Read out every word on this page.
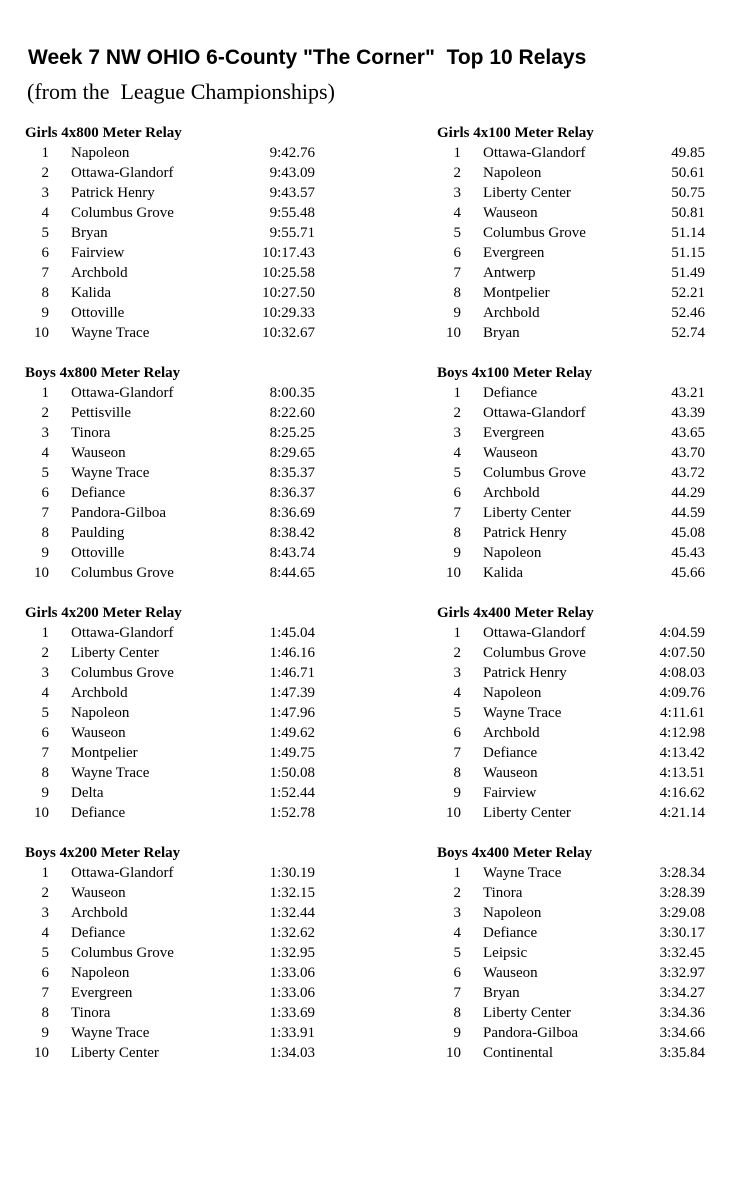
Week 7 NW OHIO 6-County "The Corner"  Top 10 Relays
(from the  League Championships)
Girls 4x800 Meter Relay
1 Napoleon	9:42.76
2 Ottawa-Glandorf	9:43.09
3 Patrick Henry	9:43.57
4 Columbus Grove	9:55.48
5 Bryan	9:55.71
6 Fairview	10:17.43
7 Archbold	10:25.58
8 Kalida	10:27.50
9 Ottoville	10:29.33
10 Wayne Trace	10:32.67
Girls 4x100 Meter Relay
1 Ottawa-Glandorf	49.85
2 Napoleon	50.61
3 Liberty Center	50.75
4 Wauseon	50.81
5 Columbus Grove	51.14
6 Evergreen	51.15
7 Antwerp	51.49
8 Montpelier	52.21
9 Archbold	52.46
10 Bryan	52.74
Boys 4x800 Meter Relay
1 Ottawa-Glandorf	8:00.35
2 Pettisville	8:22.60
3 Tinora	8:25.25
4 Wauseon	8:29.65
5 Wayne Trace	8:35.37
6 Defiance	8:36.37
7 Pandora-Gilboa	8:36.69
8 Paulding	8:38.42
9 Ottoville	8:43.74
10 Columbus Grove	8:44.65
Boys 4x100 Meter Relay
1 Defiance	43.21
2 Ottawa-Glandorf	43.39
3 Evergreen	43.65
4 Wauseon	43.70
5 Columbus Grove	43.72
6 Archbold	44.29
7 Liberty Center	44.59
8 Patrick Henry	45.08
9 Napoleon	45.43
10 Kalida	45.66
Girls 4x200 Meter Relay
1 Ottawa-Glandorf	1:45.04
2 Liberty Center	1:46.16
3 Columbus Grove	1:46.71
4 Archbold	1:47.39
5 Napoleon	1:47.96
6 Wauseon	1:49.62
7 Montpelier	1:49.75
8 Wayne Trace	1:50.08
9 Delta	1:52.44
10 Defiance	1:52.78
Girls 4x400 Meter Relay
1 Ottawa-Glandorf	4:04.59
2 Columbus Grove	4:07.50
3 Patrick Henry	4:08.03
4 Napoleon	4:09.76
5 Wayne Trace	4:11.61
6 Archbold	4:12.98
7 Defiance	4:13.42
8 Wauseon	4:13.51
9 Fairview	4:16.62
10 Liberty Center	4:21.14
Boys 4x200 Meter Relay
1 Ottawa-Glandorf	1:30.19
2 Wauseon	1:32.15
3 Archbold	1:32.44
4 Defiance	1:32.62
5 Columbus Grove	1:32.95
6 Napoleon	1:33.06
7 Evergreen	1:33.06
8 Tinora	1:33.69
9 Wayne Trace	1:33.91
10 Liberty Center	1:34.03
Boys 4x400 Meter Relay
1 Wayne Trace	3:28.34
2 Tinora	3:28.39
3 Napoleon	3:29.08
4 Defiance	3:30.17
5 Leipsic	3:32.45
6 Wauseon	3:32.97
7 Bryan	3:34.27
8 Liberty Center	3:34.36
9 Pandora-Gilboa	3:34.66
10 Continental	3:35.84
